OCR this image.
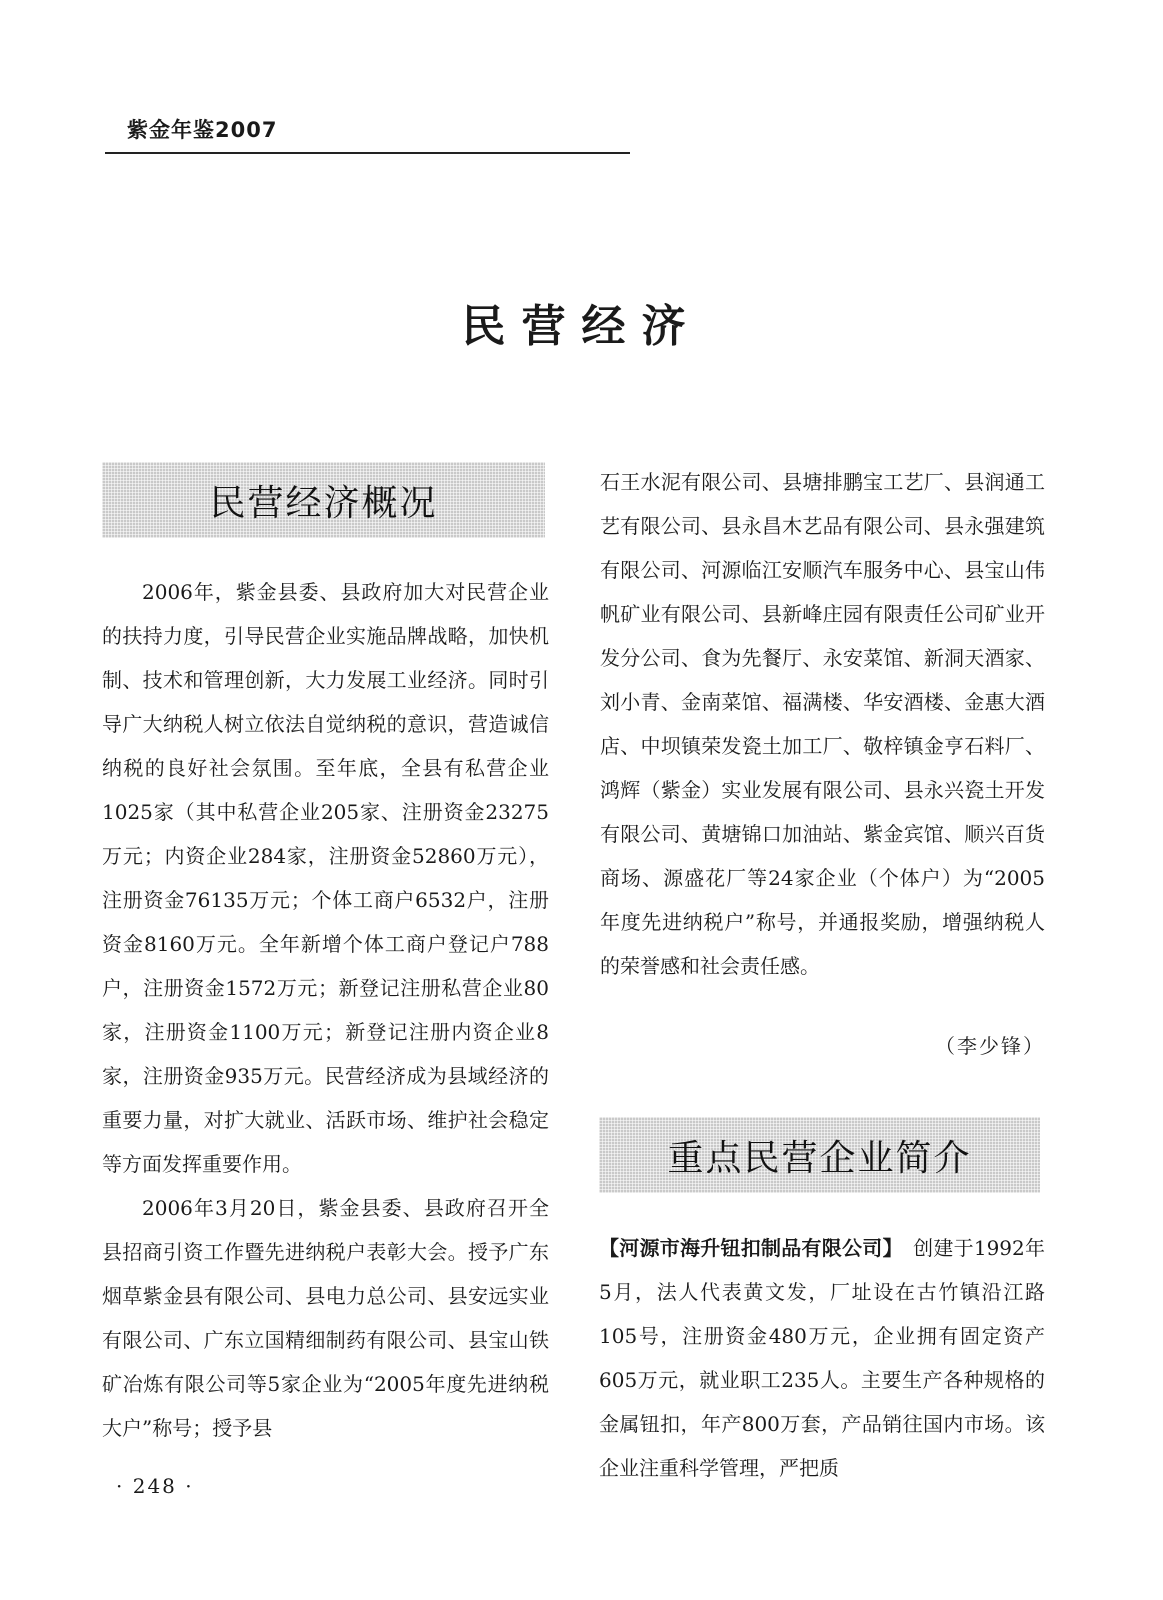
紫金年鉴2007
民营经济
民营经济概况

2006年，紫金县委、县政府加大对民营企业的扶持力度，引导民营企业实施品牌战略，加快机制、技术和管理创新，大力发展工业经济。同时引导广大纳税人树立依法自觉纳税的意识，营造诚信纳税的良好社会氛围。至年底，全县有私营企业1025家（其中私营企业205家、注册资金23275万元；内资企业284家，注册资金52860万元），注册资金76135万元；个体工商户6532户，注册资金8160万元。全年新增个体工商户登记户788户，注册资金1572万元；新登记注册私营企业80家，注册资金1100万元；新登记注册内资企业8家，注册资金935万元。民营经济成为县域经济的重要力量，对扩大就业、活跃市场、维护社会稳定等方面发挥重要作用。

2006年3月20日，紫金县委、县政府召开全县招商引资工作暨先进纳税户表彰大会。授予广东烟草紫金县有限公司、县电力总公司、县安远实业有限公司、广东立国精细制药有限公司、县宝山铁矿冶炼有限公司等5家企业为“2005年度先进纳税大户”称号；授予县

石王水泥有限公司、县塘排鹏宝工艺厂、县润通工艺有限公司、县永昌木艺品有限公司、县永强建筑有限公司、河源临江安顺汽车服务中心、县宝山伟帆矿业有限公司、县新峰庄园有限责任公司矿业开发分公司、食为先餐厅、永安菜馆、新洞天酒家、刘小青、金南菜馆、福满楼、华安酒楼、金惠大酒店、中坝镇荣发瓷土加工厂、敬梓镇金亨石料厂、鸿辉（紫金）实业发展有限公司、县永兴瓷土开发有限公司、黄塘锦口加油站、紫金宾馆、顺兴百货商场、源盛花厂等24家企业（个体户）为“2005年度先进纳税户”称号，并通报奖励，增强纳税人的荣誉感和社会责任感。

（李少锋）
重点民营企业简介

【河源市海升钮扣制品有限公司】　创建于1992年5月，法人代表黄文发，厂址设在古竹镇沿江路105号，注册资金480万元，企业拥有固定资产605万元，就业职工235人。主要生产各种规格的金属钮扣，年产800万套，产品销往国内市场。该企业注重科学管理，严把质

· 248 ·
